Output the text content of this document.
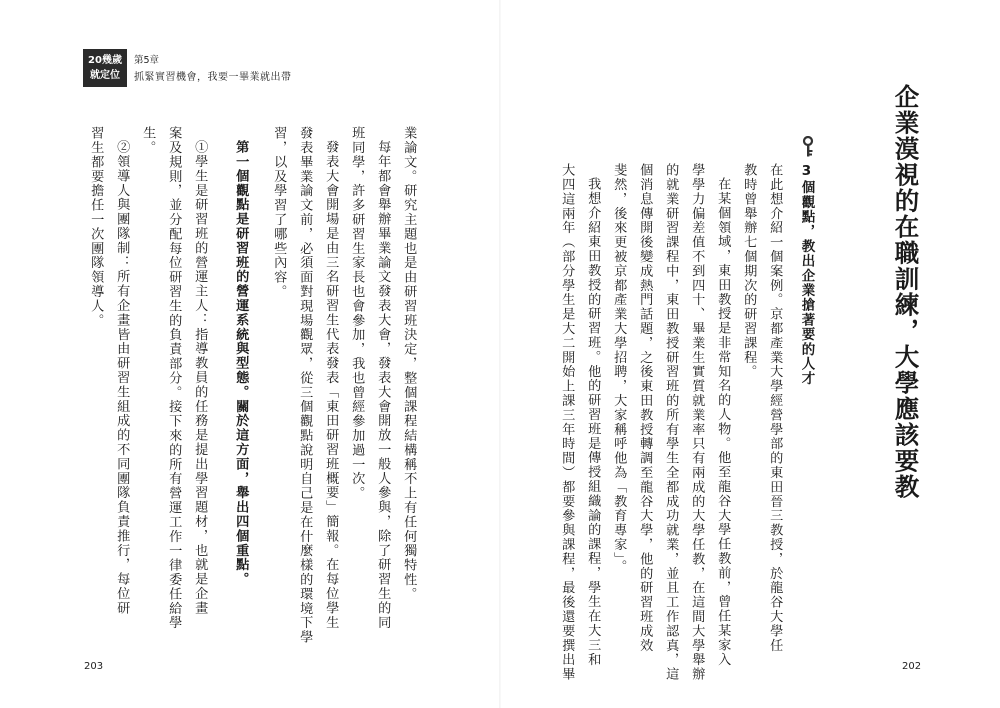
20幾歲
就定位
第5章
抓緊實習機會，我要一畢業就出帶
企業漠視的在職訓練，大學應該要教
3個觀點，教出企業搶著要的人才
在此想介紹一個案例。京都產業大學經營學部的東田晉三教授，於龍谷大學任
教時曾舉辦七個期次的研習課程。
在某個領域，東田教授是非常知名的人物。他至龍谷大學任教前，曾任某家入
學學力偏差值不到四十、畢業生實質就業率只有兩成的大學任教，在這間大學舉辦
的就業研習課程中，東田教授研習班的所有學生全都成功就業，並且工作認真，這
個消息傳開後變成熱門話題，之後東田教授轉調至龍谷大學，他的研習班成效
斐然，後來更被京都產業大學招聘，大家稱呼他為「教育專家」。
我想介紹東田教授的研習班。他的研習班是傳授組織論的課程，學生在大三和
大四這兩年（部分學生是大二開始上課三年時間）都要參與課程，最後還要撰出畢	202
業論文。研究主題也是由研習班決定，整個課程結構稱不上有任何獨特性。
每年都會舉辦畢業論文發表大會，發表大會開放一般人參與，除了研習生的同
班同學，許多研習生家長也會參加，我也曾經參加過一次。
發表大會開場是由三名研習生代表發表「東田研習班概要」簡報。在每位學生
發表畢業論文前，必須面對現場觀眾，從三個觀點說明自己是在什麼樣的環境下學
習，以及學習了哪些內容。
第一個觀點是研習班的營運系統與型態。關於這方面，舉出四個重點。
①學生是研習班的營運主人：指導教員的任務是提出學習題材，也就是企畫
案及規則，並分配每位研習生的負責部分。接下來的所有營運工作一律委任給學
生。
②領導人與團隊制：所有企畫皆由研習生組成的不同團隊負責推行，每位研
習生都要擔任一次團隊領導人。
203
